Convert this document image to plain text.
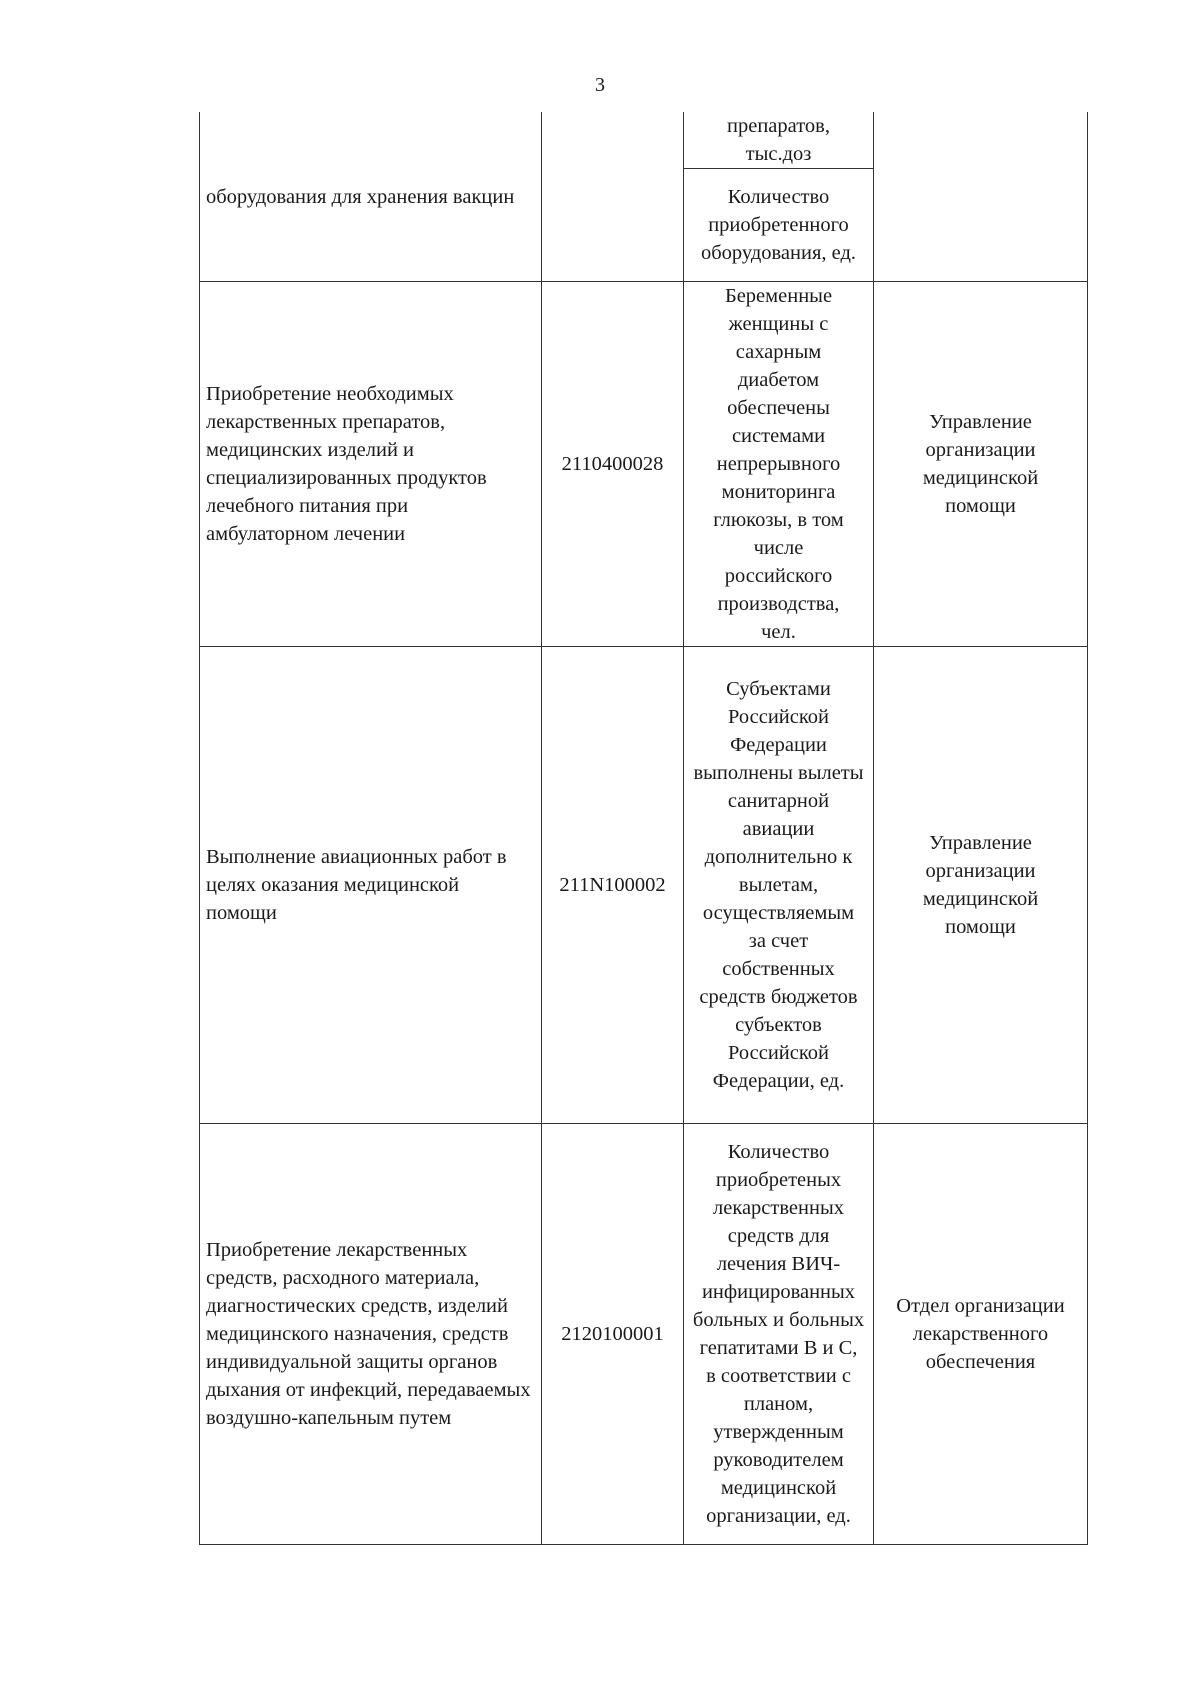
3
оборудования для хранения вакцин		препаратов, тыс.доз	

		Количество приобретенного оборудования, ед.	

Приобретение необходимых лекарственных препаратов, медицинских изделий и специализированных продуктов лечебного питания при амбулаторном лечении	2110400028	Беременные женщины с сахарным диабетом обеспечены системами непрерывного мониторинга глюкозы, в том числе российского производства, чел.	Управление организации медицинской помощи

Выполнение авиационных работ в целях оказания медицинской помощи	211N100002	Субъектами Российской Федерации выполнены вылеты санитарной авиации дополнительно к вылетам, осуществляемым за счет собственных средств бюджетов субъектов Российской Федерации, ед.	Управление организации медицинской помощи

Приобретение лекарственных средств, расходного материала, диагностических средств, изделий медицинского назначения, средств индивидуальной защиты органов дыхания от инфекций, передаваемых воздушно-капельным путем	2120100001	Количество приобретеных лекарственных средств для лечения ВИЧ-инфицированных больных и больных гепатитами В и С, в соответствии с планом, утвержденным руководителем медицинской организации, ед.	Отдел организации лекарственного обеспечения
